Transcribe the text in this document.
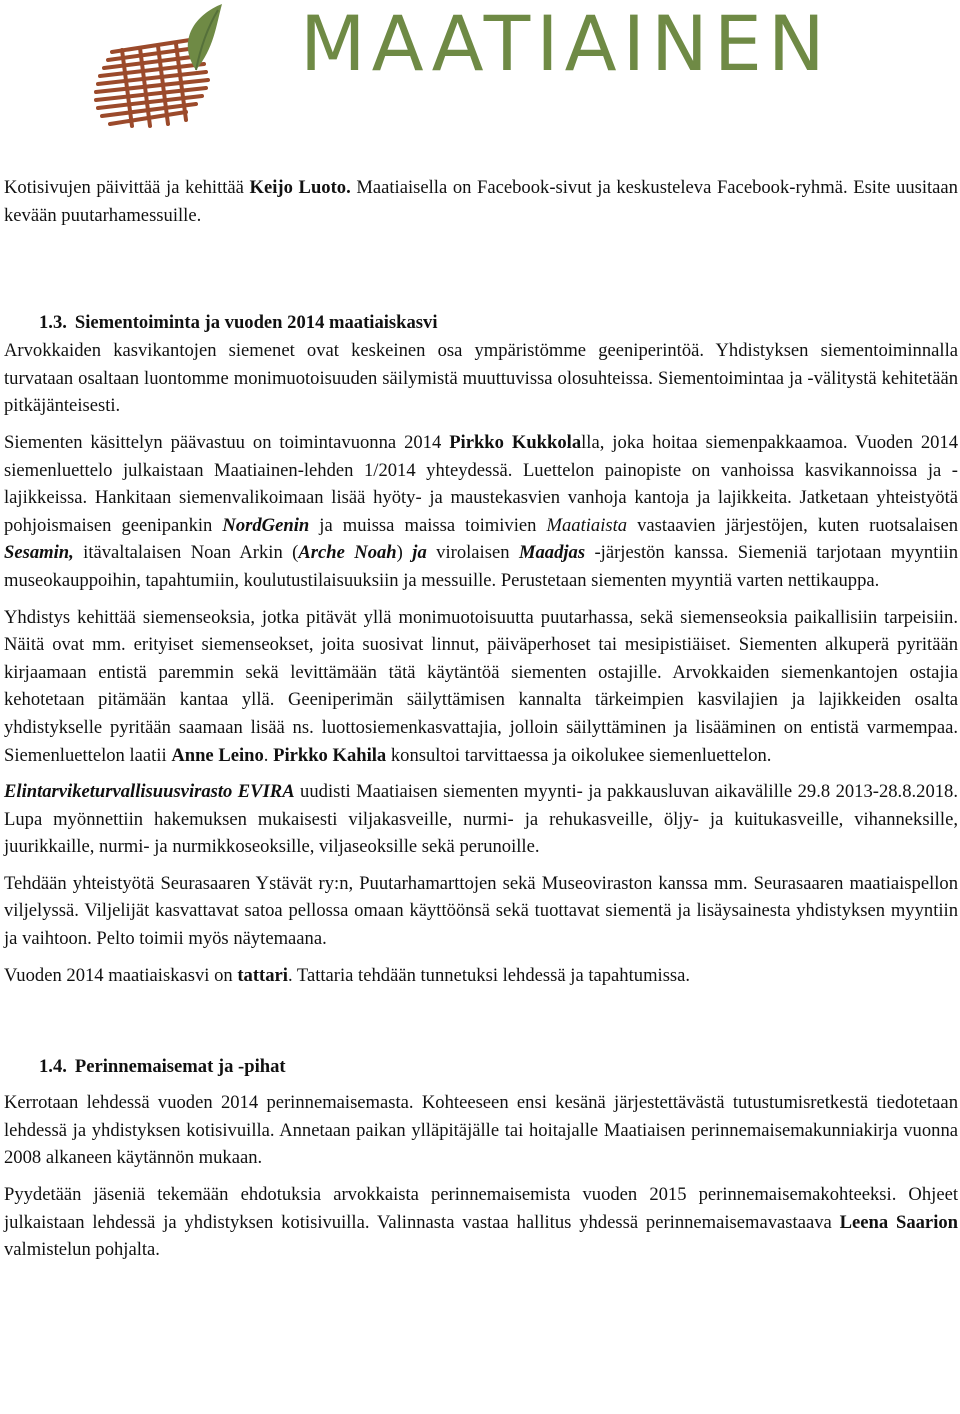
MAATIAINEN

Kotisivujen päivittää ja kehittää Keijo Luoto. Maatiaisella on Facebook-sivut ja keskusteleva Facebook-ryhmä. Esite uusitaan kevään puutarhamessuille.

1.3. Siementoiminta ja vuoden 2014 maatiaiskasvi

Arvokkaiden kasvikantojen siemenet ovat keskeinen osa ympäristömme geeniperintöä. Yhdistyksen siementoiminnalla turvataan osaltaan luontomme monimuotoisuuden säilymistä muuttuvissa olosuhteissa. Siementoimintaa ja -välitystä kehitetään pitkäjänteisesti.

Siementen käsittelyn päävastuu on toimintavuonna 2014 Pirkko Kukkolalla, joka hoitaa siemenpakkaamoa. Vuoden 2014 siemenluettelo julkaistaan Maatiainen-lehden 1/2014 yhteydessä. Luettelon painopiste on vanhoissa kasvikannoissa ja -lajikkeissa. Hankitaan siemenvalikoimaan lisää hyöty- ja maustekasvien vanhoja kantoja ja lajikkeita. Jatketaan yhteistyötä pohjoismaisen geenipankin NordGenin ja muissa maissa toimivien Maatiaista vastaavien järjestöjen, kuten ruotsalaisen Sesamin, itävaltalaisen Noan Arkin (Arche Noah) ja virolaisen Maadjas -järjestön kanssa. Siemeniä tarjotaan myyntiin museokauppoihin, tapahtumiin, koulutustilaisuuksiin ja messuille. Perustetaan siementen myyntiä varten nettikauppa.

Yhdistys kehittää siemenseoksia, jotka pitävät yllä monimuotoisuutta puutarhassa, sekä siemenseoksia paikallisiin tarpeisiin. Näitä ovat mm. erityiset siemenseokset, joita suosivat linnut, päiväperhoset tai mesipistiäiset. Siementen alkuperä pyritään kirjaamaan entistä paremmin sekä levittämään tätä käytäntöä siementen ostajille. Arvokkaiden siemenkantojen ostajia kehotetaan pitämään kantaa yllä. Geeniperimän säilyttämisen kannalta tärkeimpien kasvilajien ja lajikkeiden osalta yhdistykselle pyritään saamaan lisää ns. luottosiemenkasvattajia, jolloin säilyttäminen ja lisääminen on entistä varmempaa. Siemenluettelon laatii Anne Leino. Pirkko Kahila konsultoi tarvittaessa ja oikolukee siemenluettelon.

Elintarviketurvallisuusvirasto EVIRA uudisti Maatiaisen siementen myynti- ja pakkausluvan aikavälille 29.8 2013-28.8.2018. Lupa myönnettiin hakemuksen mukaisesti viljakasveille, nurmi- ja rehukasveille, öljy- ja kuitukasveille, vihanneksille, juurikkaille, nurmi- ja nurmikkoseoksille, viljaseoksille sekä perunoille.

Tehdään yhteistyötä Seurasaaren Ystävät ry:n, Puutarhamarttojen sekä Museoviraston kanssa mm. Seurasaaren maatiaispellon viljelyssä. Viljelijät kasvattavat satoa pellossa omaan käyttöönsä sekä tuottavat siementä ja lisäysainesta yhdistyksen myyntiin ja vaihtoon. Pelto toimii myös näytemaana.

Vuoden 2014 maatiaiskasvi on tattari. Tattaria tehdään tunnetuksi lehdessä ja tapahtumissa.

1.4. Perinnemaisemat ja -pihat

Kerrotaan lehdessä vuoden 2014 perinnemaisemasta. Kohteeseen ensi kesänä järjestettävästä tutustumisretkestä tiedotetaan lehdessä ja yhdistyksen kotisivuilla. Annetaan paikan ylläpitäjälle tai hoitajalle Maatiaisen perinnemaisemakunniakirja vuonna 2008 alkaneen käytännön mukaan.

Pyydetään jäseniä tekemään ehdotuksia arvokkaista perinnemaisemista vuoden 2015 perinnemaisemakohteeksi. Ohjeet julkaistaan lehdessä ja yhdistyksen kotisivuilla. Valinnasta vastaa hallitus yhdessä perinnemaisemavastaava Leena Saarion valmistelun pohjalta.
